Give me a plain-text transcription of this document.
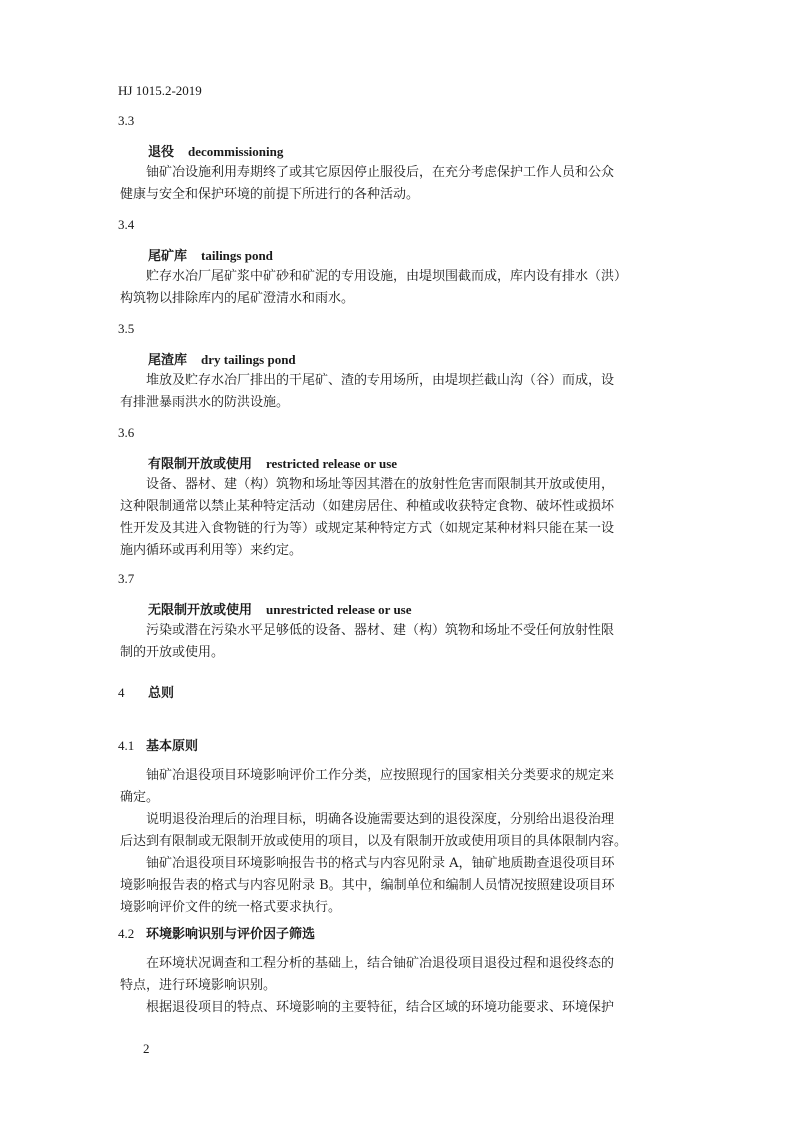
HJ 1015.2-2019
3.3
退役 decommissioning
铀矿冶设施利用寿期终了或其它原因停止服役后，在充分考虑保护工作人员和公众
健康与安全和保护环境的前提下所进行的各种活动。
3.4
尾矿库 tailings pond
贮存水冶厂尾矿浆中矿砂和矿泥的专用设施，由堤坝围截而成，库内设有排水（洪）
构筑物以排除库内的尾矿澄清水和雨水。
3.5
尾渣库 dry tailings pond
堆放及贮存水冶厂排出的干尾矿、渣的专用场所，由堤坝拦截山沟（谷）而成，设
有排泄暴雨洪水的防洪设施。
3.6
有限制开放或使用 restricted release or use
设备、器材、建（构）筑物和场址等因其潜在的放射性危害而限制其开放或使用，
这种限制通常以禁止某种特定活动（如建房居住、种植或收获特定食物、破坏性或损坏
性开发及其进入食物链的行为等）或规定某种特定方式（如规定某种材料只能在某一设
施内循环或再利用等）来约定。
3.7
无限制开放或使用 unrestricted release or use
污染或潜在污染水平足够低的设备、器材、建（构）筑物和场址不受任何放射性限
制的开放或使用。
4 总则
4.1 基本原则
铀矿冶退役项目环境影响评价工作分类，应按照现行的国家相关分类要求的规定来
确定。
说明退役治理后的治理目标，明确各设施需要达到的退役深度，分别给出退役治理
后达到有限制或无限制开放或使用的项目，以及有限制开放或使用项目的具体限制内容。
铀矿冶退役项目环境影响报告书的格式与内容见附录 A，铀矿地质勘查退役项目环
境影响报告表的格式与内容见附录 B。其中，编制单位和编制人员情况按照建设项目环
境影响评价文件的统一格式要求执行。
4.2 环境影响识别与评价因子筛选
在环境状况调查和工程分析的基础上，结合铀矿冶退役项目退役过程和退役终态的
特点，进行环境影响识别。
根据退役项目的特点、环境影响的主要特征，结合区域的环境功能要求、环境保护
2
